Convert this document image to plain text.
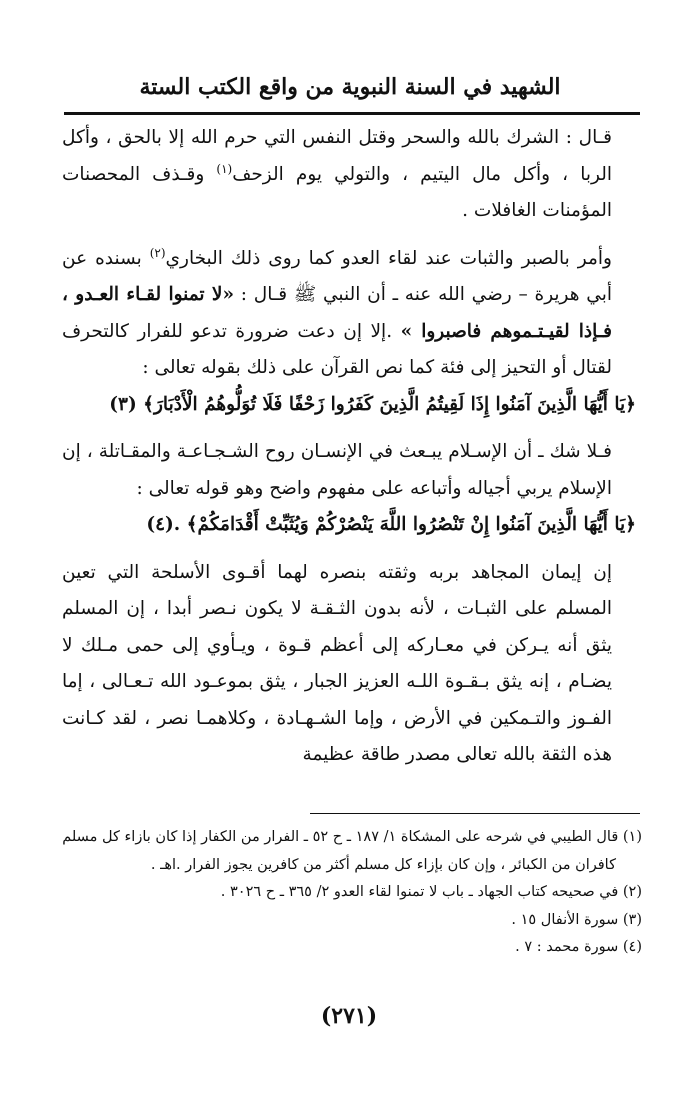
الشهيد في السنة النبوية من واقع الكتب الستة

قـال : الشرك بالله والسحر وقتل النفس التي حرم الله إلا بالحق ، وأكل الربا ، وأكل مال اليتيم ، والتولي يوم الزحف$^{(١)}$ وقـذف المحصنات المؤمنات الغافلات .

وأمر بالصبر والثبات عند لقاء العدو كما روى ذلك البخاري$^{(٢)}$ بسنده عن أبي هريرة – رضي الله عنه ـ أن النبي ﷺ قـال : «لا تمنوا لقـاء العـدو ، فـإذا لقيـتـموهم فاصبروا » .إلا إن دعت ضرورة تدعو للفرار كالتحرف لقتال أو التحيز إلى فئة كما نص القرآن على ذلك بقوله تعالى :

﴿يَا أَيُّهَا الَّذِينَ آمَنُوا إِذَا لَقِيتُمُ الَّذِينَ كَفَرُوا زَحْفًا فَلَا تُوَلُّوهُمُ الْأَدْبَارَ﴾ (٣)

فـلا شك ـ أن الإسـلام يبـعث في الإنسـان روح الشـجـاعـة والمقـاتلة ، إن الإسلام يربي أجياله وأتباعه على مفهوم واضح وهو قوله تعالى :

﴿يَا أَيُّهَا الَّذِينَ آمَنُوا إِنْ تَنْصُرُوا اللَّهَ يَنْصُرْكُمْ وَيُثَبِّتْ أَقْدَامَكُمْ﴾ .(٤)

إن إيمان المجاهد بربه وثقته بنصره لهما أقـوى الأسلحة التي تعين المسلم على الثبـات ، لأنه بدون الثـقـة لا يكون نـصر أبدا ، إن المسلم يثق أنه يـركن في معـاركه إلى أعظم قـوة ، ويـأوي إلى حمى مـلك لا يضـام ، إنه يثق بـقـوة اللـه العزيز الجبار ، يثق بموعـود الله تـعـالى ، إما الفـوز والتـمكين في الأرض ، وإما الشـهـادة ، وكلاهمـا نصر ، لقد كـانت هذه الثقة بالله تعالى مصدر طاقة عظيمة

(١) قال الطيبي في شرحه على المشكاة ١/ ١٨٧ ـ ح ٥٢ ـ الفرار من الكفار إذا كان بازاء كل مسلم

كافران من الكبائر ، وإن كان بإزاء كل مسلم أكثر من كافرين يجوز الفرار .اهـ .

(٢) في صحيحه كتاب الجهاد ـ باب لا تمنوا لقاء العدو ٢/ ٣٦٥ ـ ح ٣٠٢٦ .

(٣) سورة الأنفال ١٥ .

(٤) سورة محمد : ٧ .

(٢٧١)
